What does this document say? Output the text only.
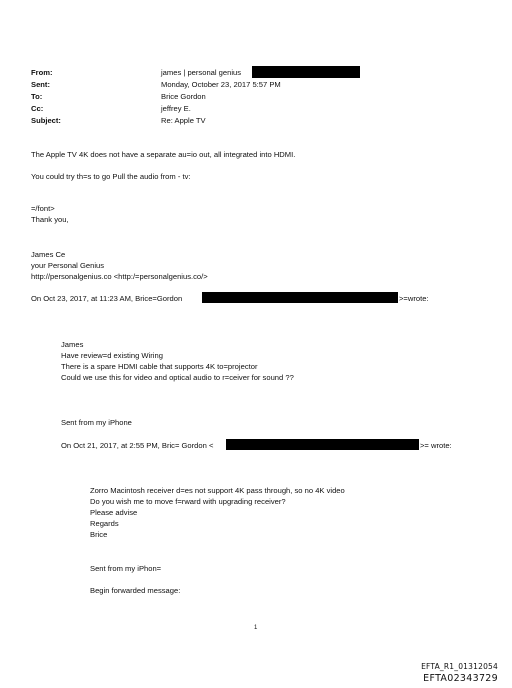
From:
Sent:
To:
Cc:
Subject:
james | personal genius
Monday, October 23, 2017 5:57 PM
Brice Gordon
jeffrey E.
Re: Apple TV
The Apple TV 4K does not have a separate au=io out, all integrated into HDMI.
You could try th=s to go Pull the audio from - tv:
=/font>
Thank you,
James Ce
your Personal Genius
http://personalgenius.co <http:/=personalgenius.co/>
On Oct 23, 2017, at 11:23 AM, Brice=Gordon	>=wrote:
James
Have review=d existing Wiring
There is a spare HDMI cable that supports 4K to=projector
Could we use this for video and optical audio to r=ceiver for sound ??
Sent from my iPhone
On Oct 21, 2017, at 2:55 PM, Bric= Gordon <	>= wrote:
Zorro Macintosh receiver d=es not support 4K pass through, so no 4K video
Do you wish me to move f=rward with upgrading receiver?
Please advise
Regards
Brice
Sent from my iPhon=
Begin forwarded message:
1
EFTA_R1_01312054
EFTA02343729
